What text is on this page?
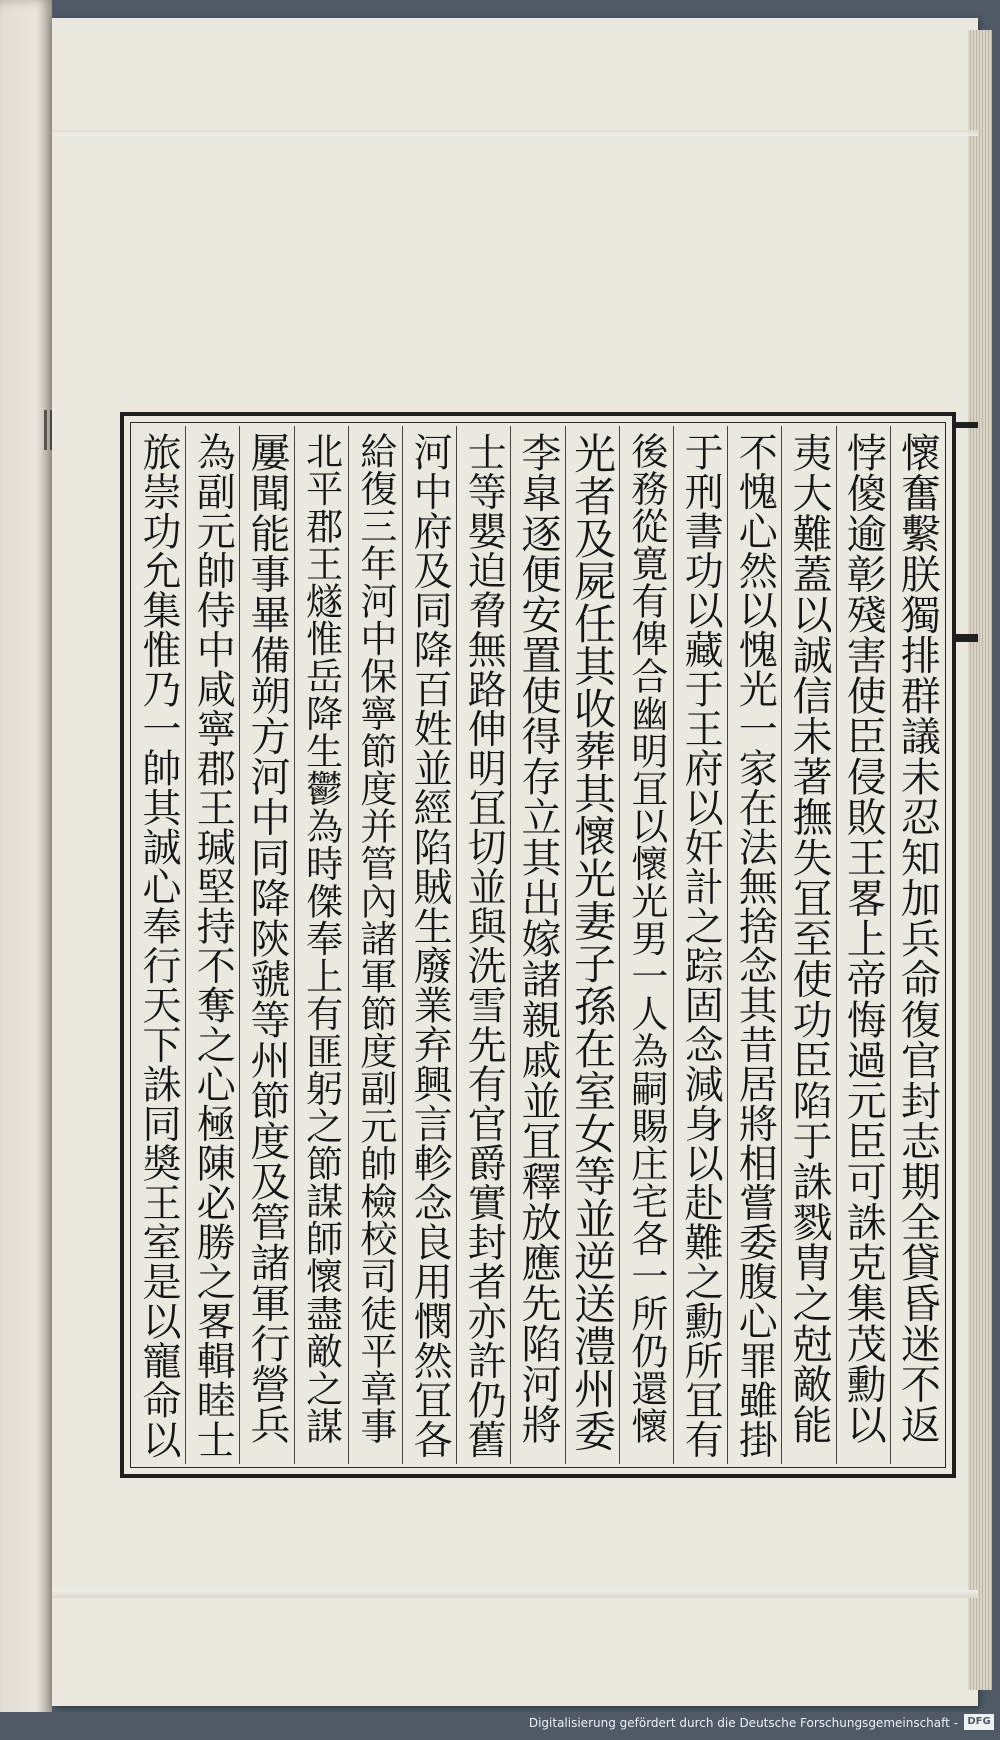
懷奮繫朕獨排群議未忍知加兵命復官封志期全貸昏迷不返
悖傻逾彰殘害使臣侵敗王畧上帝悔過元臣可誅克集茂勳以
夷大難蓋以誠信未著撫失冝至使功臣陷于誅戮胄之尅敵能
不愧心然以愧光一家在法無捨念其昔居將相嘗委腹心罪雖掛
于刑書功以藏于王府以奸計之踪固念減身以赴難之勳所冝有
後務從寛有俾合幽明冝以懷光男一人為嗣賜庄宅各一所仍還懷
光者及屍任其收葬其懷光妻子孫在室女等並逆送澧州委
李皐逐便安置使得存立其出嫁諸親戚並冝釋放應先陷河將
士等嬰迫脅無路伸明冝切並與洗雪先有官爵實封者亦許仍舊
河中府及同降百姓並經陷賊生廢業弃興言軫念良用憫然冝各
給復三年河中保寧節度并管內諸軍節度副元帥檢校司徒平章事
北平郡王燧惟岳降生鬱為時傑奉上有匪躬之節謀師懷盡敵之謀
屢聞能事畢備朔方河中同降陝虢等州節度及管諸軍行營兵
為副元帥侍中咸寧郡王瑊堅持不奪之心極陳必勝之畧輯睦士
旅崇功允集惟乃一帥其誠心奉行天下誅同奬王室是以寵命以
Digitalisierung gefördert durch die Deutsche Forschungsgemeinschaft - DFG
